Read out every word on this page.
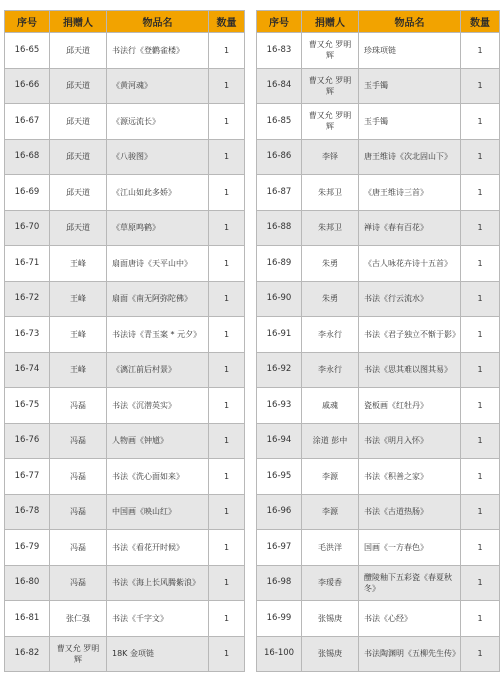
序号	捐赠人	物品名	数量
16-65	邱天道	书法行《登鹳雀楼》	1
16-66	邱天道	《黄河魂》	1
16-67	邱天道	《源远流长》	1
16-68	邱天道	《八骏图》	1
16-69	邱天道	《江山如此多娇》	1
16-70	邱天道	《草原鸣鹤》	1
16-71	王峰	扇面唐诗《天平山中》	1
16-72	王峰	扇面《南无阿弥陀佛》	1
16-73	王峰	书法诗《青玉案 * 元夕》	1
16-74	王峰	《漓江前后村景》	1
16-75	冯磊	书法《沉潜英实》	1
16-76	冯磊	人物画《钟馗》	1
16-77	冯磊	书法《洗心面如来》	1
16-78	冯磊	中国画《映山红》	1
16-79	冯磊	书法《看花开时候》	1
16-80	冯磊	书法《海上长风腾紫浪》	1
16-81	张仁强	书法《千字文》	1
16-82	曹又允 罗明辉	18K 金项链	1
序号	捐赠人	物品名	数量
16-83	曹又允 罗明辉	珍珠项链	1
16-84	曹又允 罗明辉	玉手镯	1
16-85	曹又允 罗明辉	玉手镯	1
16-86	李铎	唐王维诗《次北固山下》	1
16-87	朱邦卫	《唐王维诗三首》	1
16-88	朱邦卫	禅诗《春有百花》	1
16-89	朱勇	《古人咏花卉诗十五首》	1
16-90	朱勇	书法《行云流水》	1
16-91	李永行	书法《君子独立不惭于影》	1
16-92	李永行	书法《思其难以图其易》	1
16-93	戚魂	瓷板画《红牡丹》	1
16-94	涂道 彭中	书法《明月入怀》	1
16-95	李源	书法《积善之家》	1
16-96	李源	书法《古道热肠》	1
16-97	毛洪洋	国画《一方春色》	1
16-98	李瑷香	醴陵釉下五彩瓷《春夏秋冬》	1
16-99	张锡庚	书法《心经》	1
16-100	张锡庚	书法陶渊明《五柳先生传》	1
